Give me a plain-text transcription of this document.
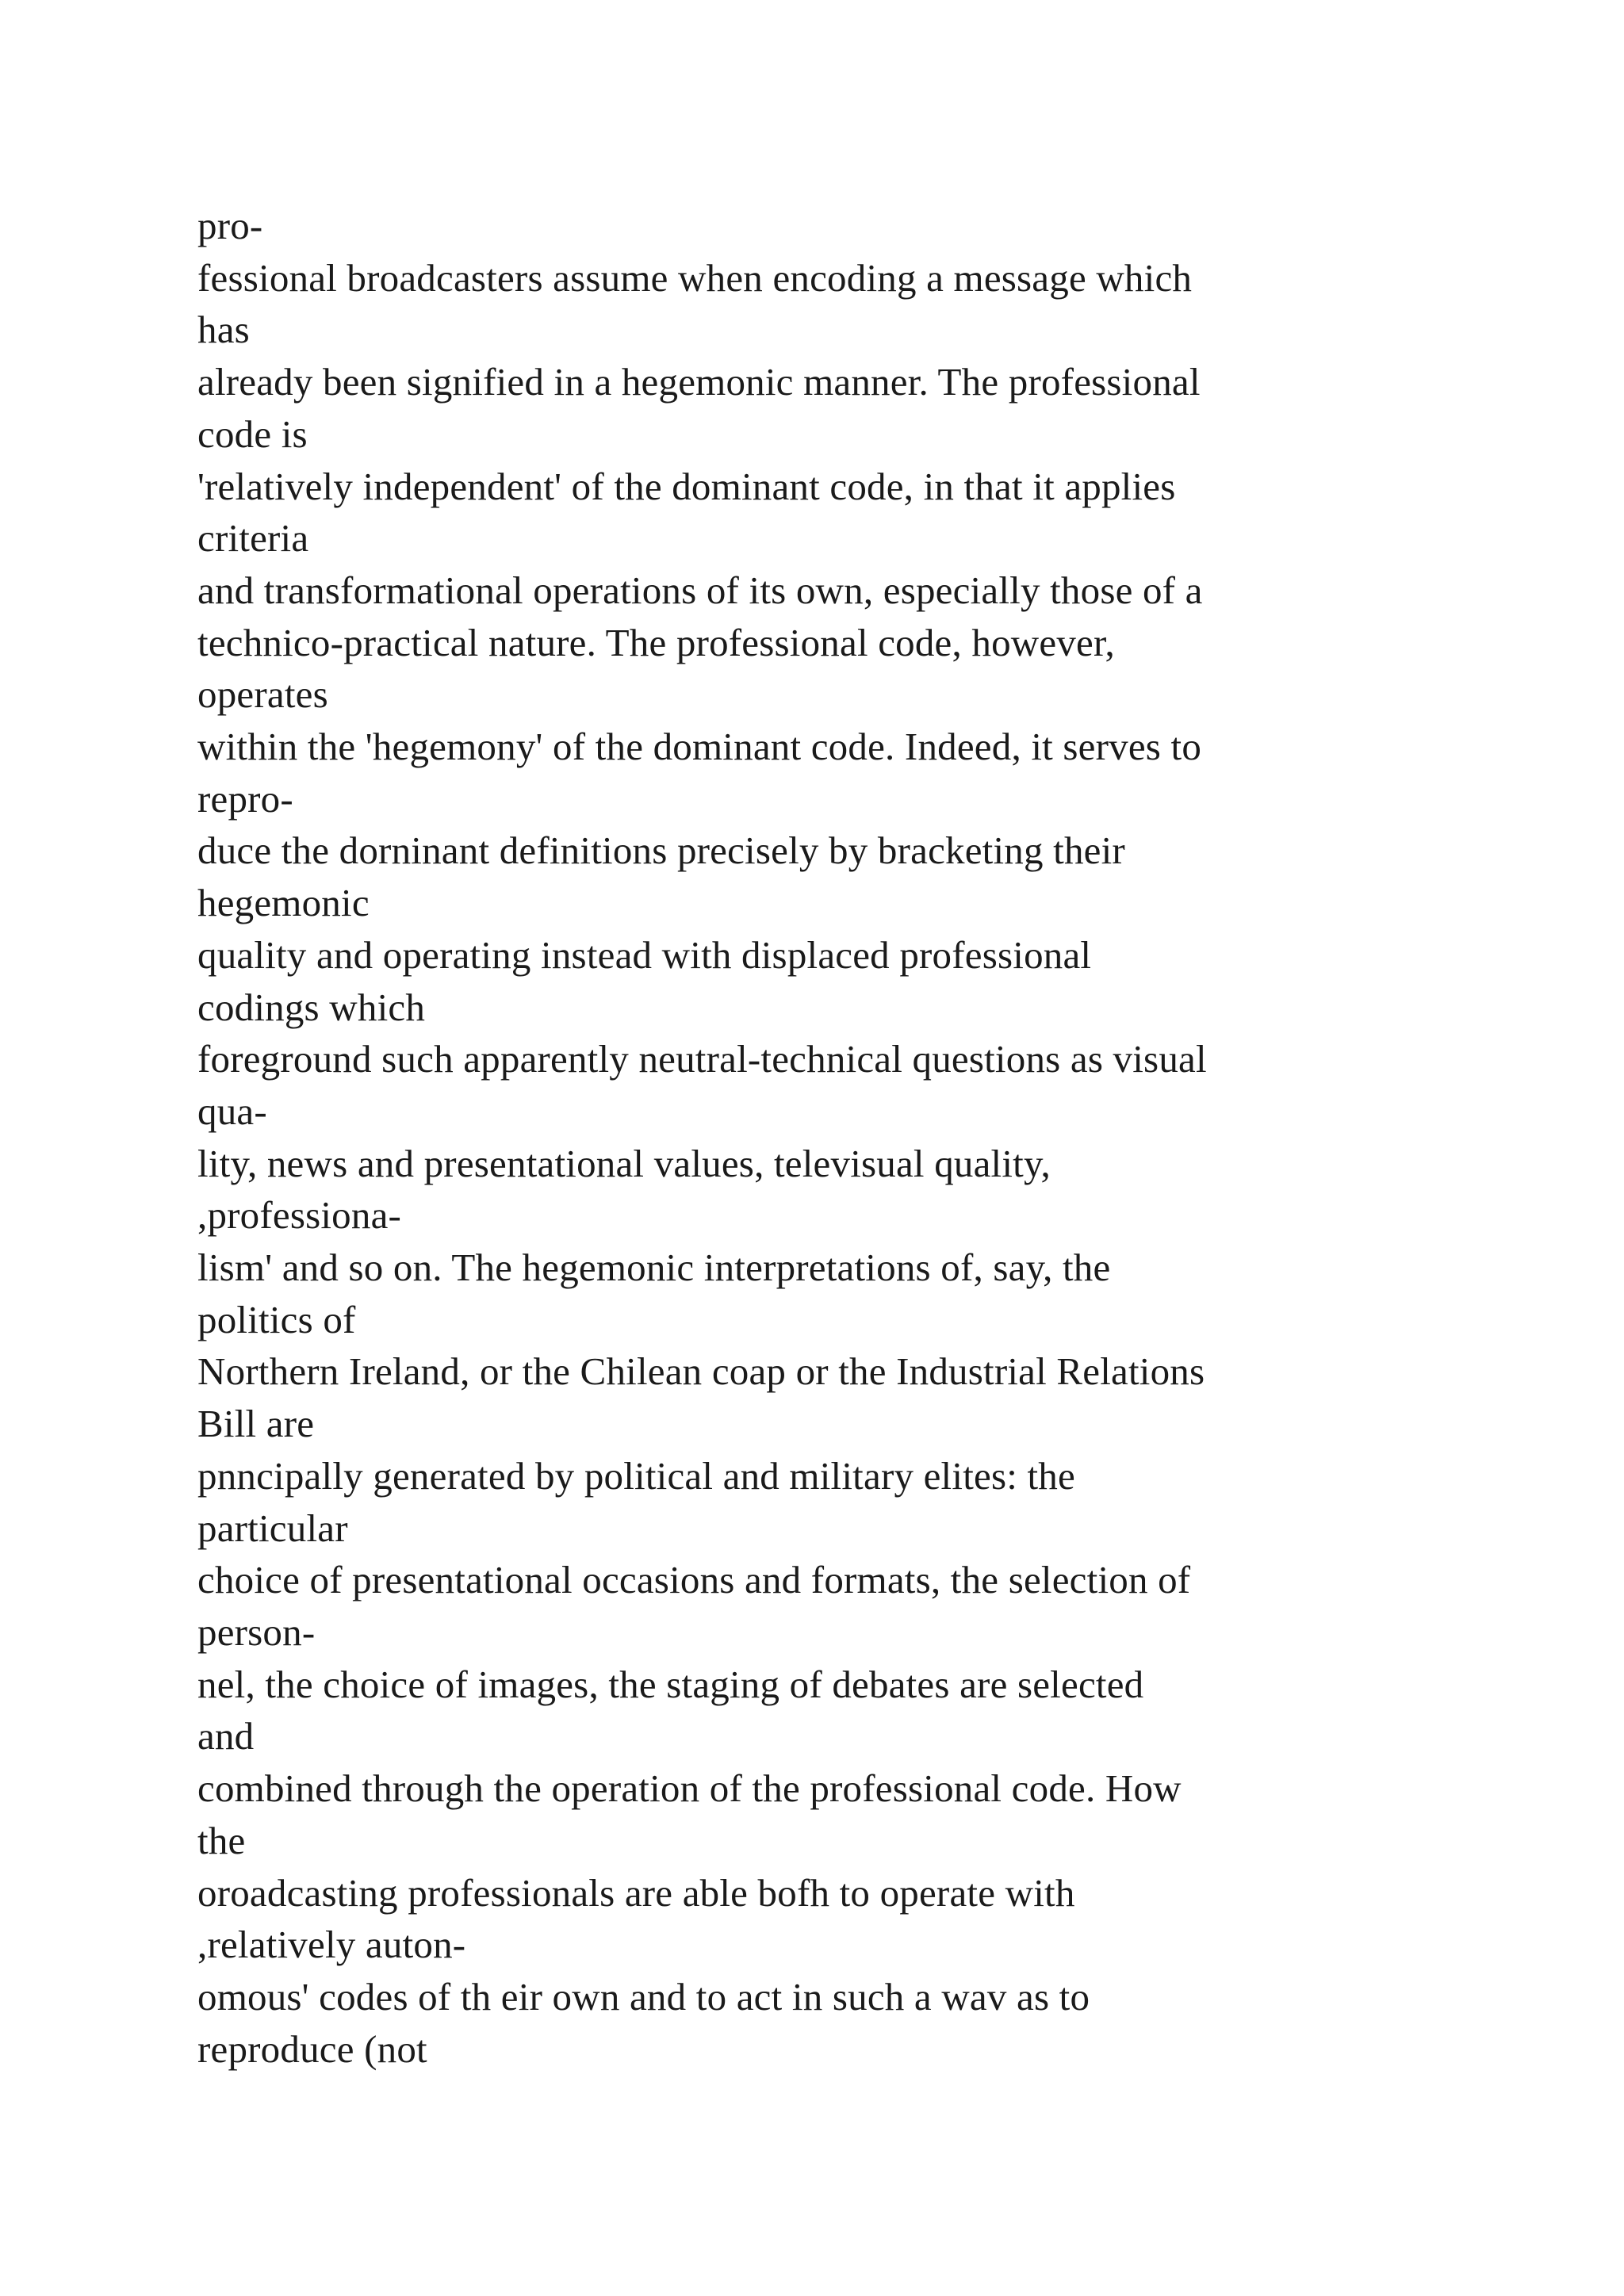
pro-
fessional broadcasters assume when encoding a message which
has
already been signified in a hegemonic manner. The professional
code is
'relatively independent' of the dominant code, in that it applies
criteria
and transformational operations of its own, especially those of a
technico-practical nature. The professional code, however,
operates
within the 'hegemony' of the dominant code. Indeed, it serves to
repro-
duce the dorninant definitions precisely by bracketing their
hegemonic
quality and operating instead with displaced professional
codings which
foreground such apparently neutral-technical questions as visual
qua-
lity, news and presentational values, televisual quality,
,professiona-
lism' and so on. The hegemonic interpretations of, say, the
politics of
Northern Ireland, or the Chilean coap or the Industrial Relations
Bill are
pnncipally generated by political and military elites: the
particular
choice of presentational occasions and formats, the selection of
person-
nel, the choice of images, the staging of debates are selected
and
combined through the operation of the professional code. How
the
oroadcasting professionals are able bofh to operate with
,relatively auton-
omous' codes of th eir own and to act in such a wav as to
reproduce (not
